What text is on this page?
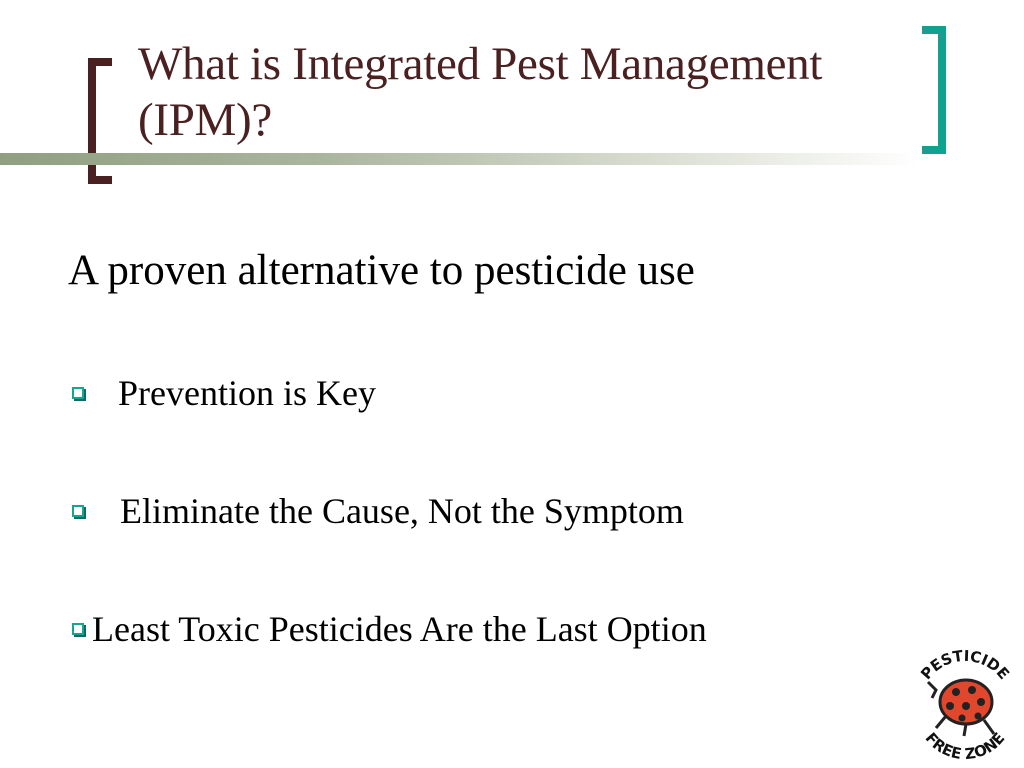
What is Integrated Pest Management (IPM)?
A proven alternative to pesticide use
Prevention is Key
Eliminate the Cause, Not the Symptom
Least Toxic Pesticides Are the Last Option
PESTICIDE
FREE ZONE
